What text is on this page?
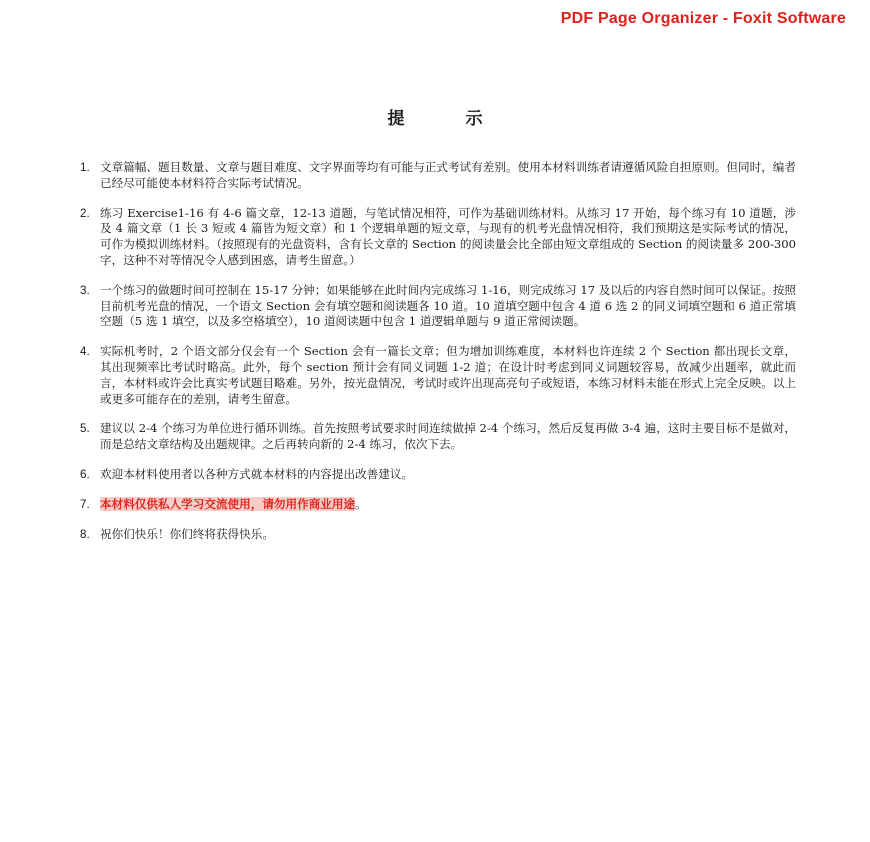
PDF Page Organizer - Foxit Software
提　示
1. 文章篇幅、题目数量、文章与题目难度、文字界面等均有可能与正式考试有差别。使用本材料训练者请遵循风险自担原则。但同时，编者已经尽可能使本材料符合实际考试情况。
2. 练习 Exercise1-16 有 4-6 篇文章，12-13 道题，与笔试情况相符，可作为基础训练材料。从练习 17 开始，每个练习有 10 道题，涉及 4 篇文章（1 长 3 短或 4 篇皆为短文章）和 1 个逻辑单题的短文章，与现有的机考光盘情况相符，我们预期这是实际考试的情况，可作为模拟训练材料。（按照现有的光盘资料，含有长文章的 Section 的阅读量会比全部由短文章组成的 Section 的阅读量多 200-300 字，这种不对等情况令人感到困惑，请考生留意。）
3. 一个练习的做题时间可控制在 15-17 分钟；如果能够在此时间内完成练习 1-16，则完成练习 17 及以后的内容自然时间可以保证。按照目前机考光盘的情况，一个语文 Section 会有填空题和阅读题各 10 道。10 道填空题中包含 4 道 6 选 2 的同义词填空题和 6 道正常填空题（5 选 1 填空，以及多空格填空），10 道阅读题中包含 1 道逻辑单题与 9 道正常阅读题。
4. 实际机考时，2 个语文部分仅会有一个 Section 会有一篇长文章；但为增加训练难度，本材料也许连续 2 个 Section 都出现长文章，其出现频率比考试时略高。此外，每个 section 预计会有同义词题 1-2 道；在设计时考虑到同义词题较容易，故减少出题率，就此而言，本材料或许会比真实考试题目略难。另外，按光盘情况，考试时或许出现高亮句子或短语，本练习材料未能在形式上完全反映。以上或更多可能存在的差别，请考生留意。
5. 建议以 2-4 个练习为单位进行循环训练。首先按照考试要求时间连续做掉 2-4 个练习，然后反复再做 3-4 遍，这时主要目标不是做对，而是总结文章结构及出题规律。之后再转向新的 2-4 练习，依次下去。
6. 欢迎本材料使用者以各种方式就本材料的内容提出改善建议。
7. 本材料仅供私人学习交流使用，请勿用作商业用途。
8. 祝你们快乐！你们终将获得快乐。
